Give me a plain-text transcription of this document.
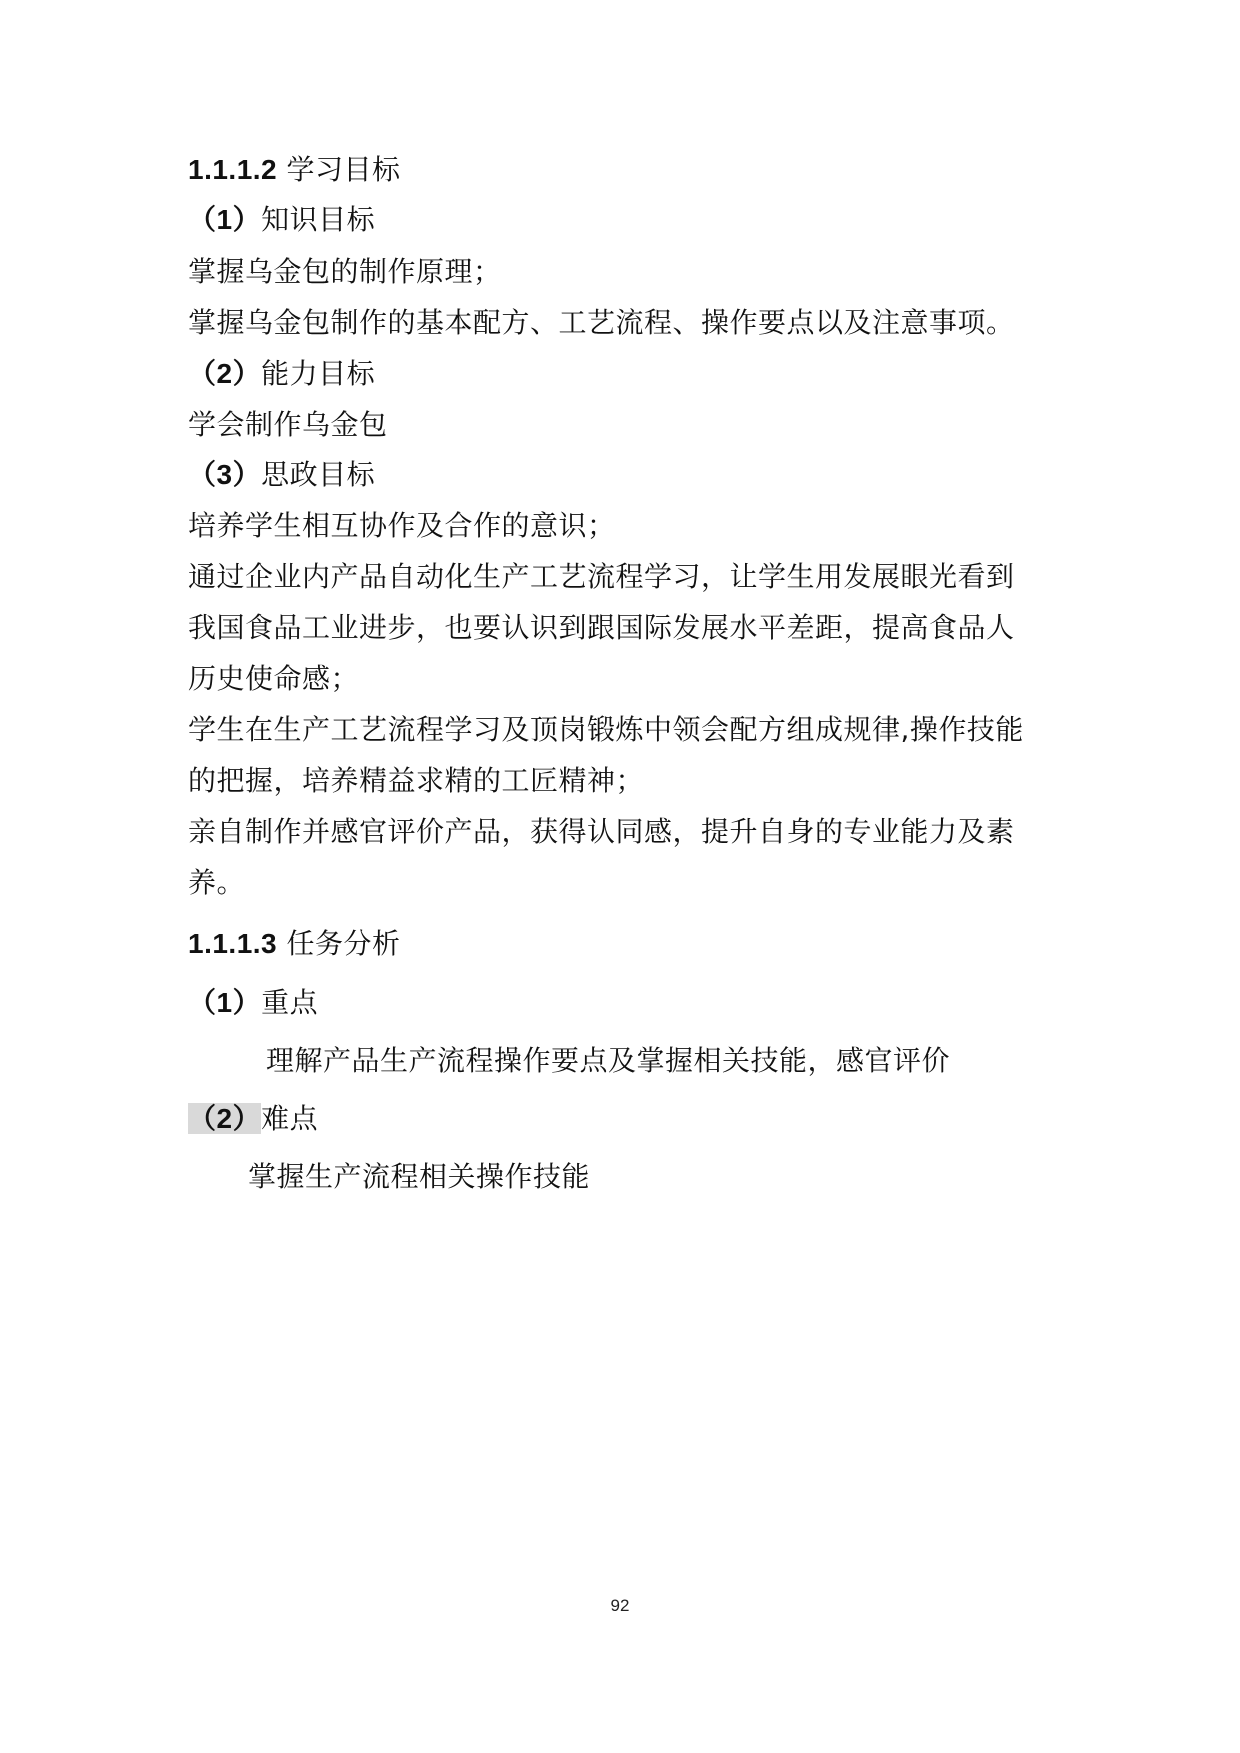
1.1.1.2 学习目标
（1）知识目标
掌握乌金包的制作原理；
掌握乌金包制作的基本配方、工艺流程、操作要点以及注意事项。
（2）能力目标
学会制作乌金包
（3）思政目标
培养学生相互协作及合作的意识；
通过企业内产品自动化生产工艺流程学习，让学生用发展眼光看到
我国食品工业进步，也要认识到跟国际发展水平差距，提高食品人
历史使命感；
学生在生产工艺流程学习及顶岗锻炼中领会配方组成规律,操作技能
的把握，培养精益求精的工匠精神；
亲自制作并感官评价产品，获得认同感，提升自身的专业能力及素
养。
1.1.1.3 任务分析
（1）重点
理解产品生产流程操作要点及掌握相关技能，感官评价
（2）难点
掌握生产流程相关操作技能
92
